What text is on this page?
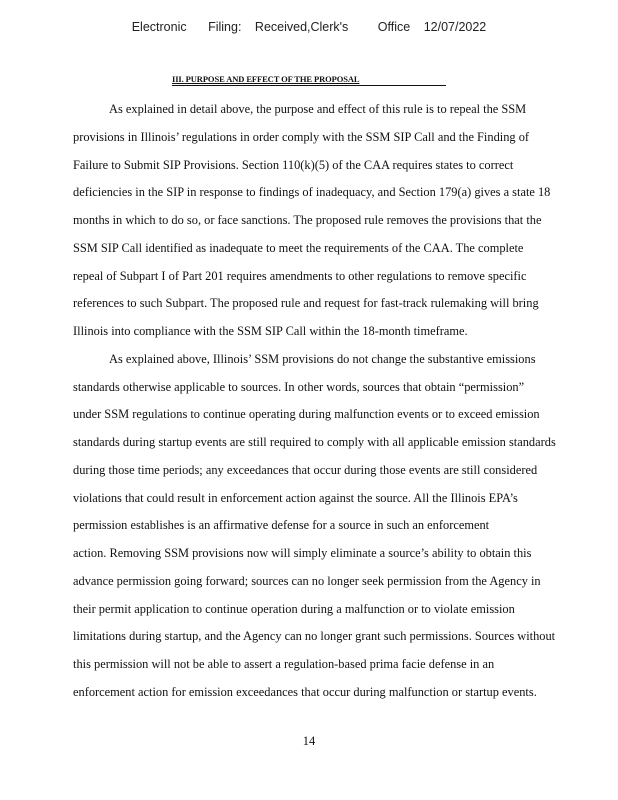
Electronic Filing: Received,Clerk's Office 12/07/2022
III. PURPOSE AND EFFECT OF THE PROPOSAL
As explained in detail above, the purpose and effect of this rule is to repeal the SSM
provisions in Illinois’ regulations in order comply with the SSM SIP Call and the Finding of
Failure to Submit SIP Provisions. Section 110(k)(5) of the CAA requires states to correct
deficiencies in the SIP in response to findings of inadequacy, and Section 179(a) gives a state 18
months in which to do so, or face sanctions. The proposed rule removes the provisions that the
SSM SIP Call identified as inadequate to meet the requirements of the CAA. The complete
repeal of Subpart I of Part 201 requires amendments to other regulations to remove specific
references to such Subpart. The proposed rule and request for fast-track rulemaking will bring
Illinois into compliance with the SSM SIP Call within the 18-month timeframe.
As explained above, Illinois’ SSM provisions do not change the substantive emissions
standards otherwise applicable to sources. In other words, sources that obtain “permission”
under SSM regulations to continue operating during malfunction events or to exceed emission
standards during startup events are still required to comply with all applicable emission standards
during those time periods; any exceedances that occur during those events are still considered
violations that could result in enforcement action against the source. All the Illinois EPA’s
permission establishes is an affirmative defense for a source in such an enforcement
action. Removing SSM provisions now will simply eliminate a source’s ability to obtain this
advance permission going forward; sources can no longer seek permission from the Agency in
their permit application to continue operation during a malfunction or to violate emission
limitations during startup, and the Agency can no longer grant such permissions. Sources without
this permission will not be able to assert a regulation-based prima facie defense in an
enforcement action for emission exceedances that occur during malfunction or startup events.
14
